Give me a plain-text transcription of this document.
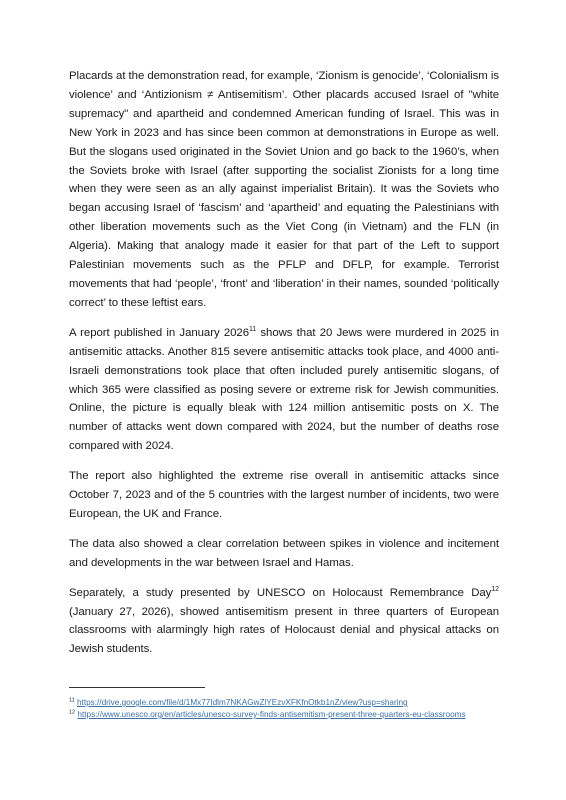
Placards at the demonstration read, for example, ‘Zionism is genocide’, ‘Colonialism is violence’ and ‘Antizionism ≠ Antisemitism’. Other placards accused Israel of "white supremacy" and apartheid and condemned American funding of Israel. This was in New York in 2023 and has since been common at demonstrations in Europe as well. But the slogans used originated in the Soviet Union and go back to the 1960’s, when the Soviets broke with Israel (after supporting the socialist Zionists for a long time when they were seen as an ally against imperialist Britain). It was the Soviets who began accusing Israel of ‘fascism’ and ‘apartheid’ and equating the Palestinians with other liberation movements such as the Viet Cong (in Vietnam) and the FLN (in Algeria). Making that analogy made it easier for that part of the Left to support Palestinian movements such as the PFLP and DFLP, for example. Terrorist movements that had ‘people’, ‘front’ and ‘liberation’ in their names, sounded ‘politically correct’ to these leftist ears.

A report published in January 2026$^{11}$ shows that 20 Jews were murdered in 2025 in antisemitic attacks. Another 815 severe antisemitic attacks took place, and 4000 anti-Israeli demonstrations took place that often included purely antisemitic slogans, of which 365 were classified as posing severe or extreme risk for Jewish communities. Online, the picture is equally bleak with 124 million antisemitic posts on X. The number of attacks went down compared with 2024, but the number of deaths rose compared with 2024.

The report also highlighted the extreme rise overall in antisemitic attacks since October 7, 2023 and of the 5 countries with the largest number of incidents, two were European, the UK and France.

The data also showed a clear correlation between spikes in violence and incitement and developments in the war between Israel and Hamas.

Separately, a study presented by UNESCO on Holocaust Remembrance Day$^{12}$ (January 27, 2026), showed antisemitism present in three quarters of European classrooms with alarmingly high rates of Holocaust denial and physical attacks on Jewish students.

$^{11}$ https://drive.google.com/file/d/1Mx77Idlm7NKAGwZlYEzvXFKfnOtkb1nZ/view?usp=sharing
$^{12}$ https://www.unesco.org/en/articles/unesco-survey-finds-antisemitism-present-three-quarters-eu-classrooms
